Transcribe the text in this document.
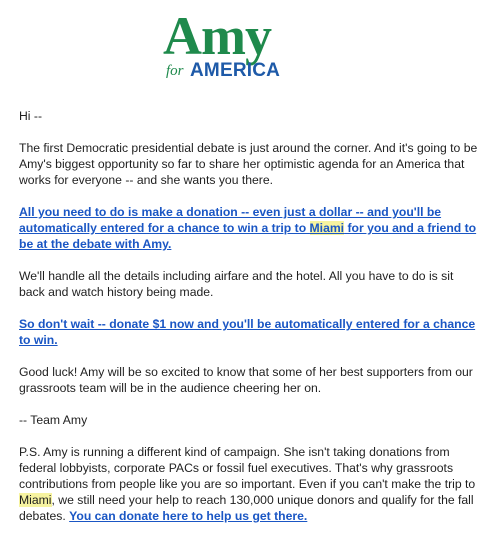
Amy
for AMERICA

Hi --

The first Democratic presidential debate is just around the corner. And it's going to be Amy's biggest opportunity so far to share her optimistic agenda for an America that works for everyone -- and she wants you there.

All you need to do is make a donation -- even just a dollar -- and you'll be automatically entered for a chance to win a trip to Miami for you and a friend to be at the debate with Amy.

We'll handle all the details including airfare and the hotel. All you have to do is sit back and watch history being made.

So don't wait -- donate $1 now and you'll be automatically entered for a chance to win.

Good luck! Amy will be so excited to know that some of her best supporters from our grassroots team will be in the audience cheering her on.

-- Team Amy

P.S. Amy is running a different kind of campaign. She isn't taking donations from federal lobbyists, corporate PACs or fossil fuel executives. That's why grassroots contributions from people like you are so important. Even if you can't make the trip to Miami, we still need your help to reach 130,000 unique donors and qualify for the fall debates. You can donate here to help us get there.
